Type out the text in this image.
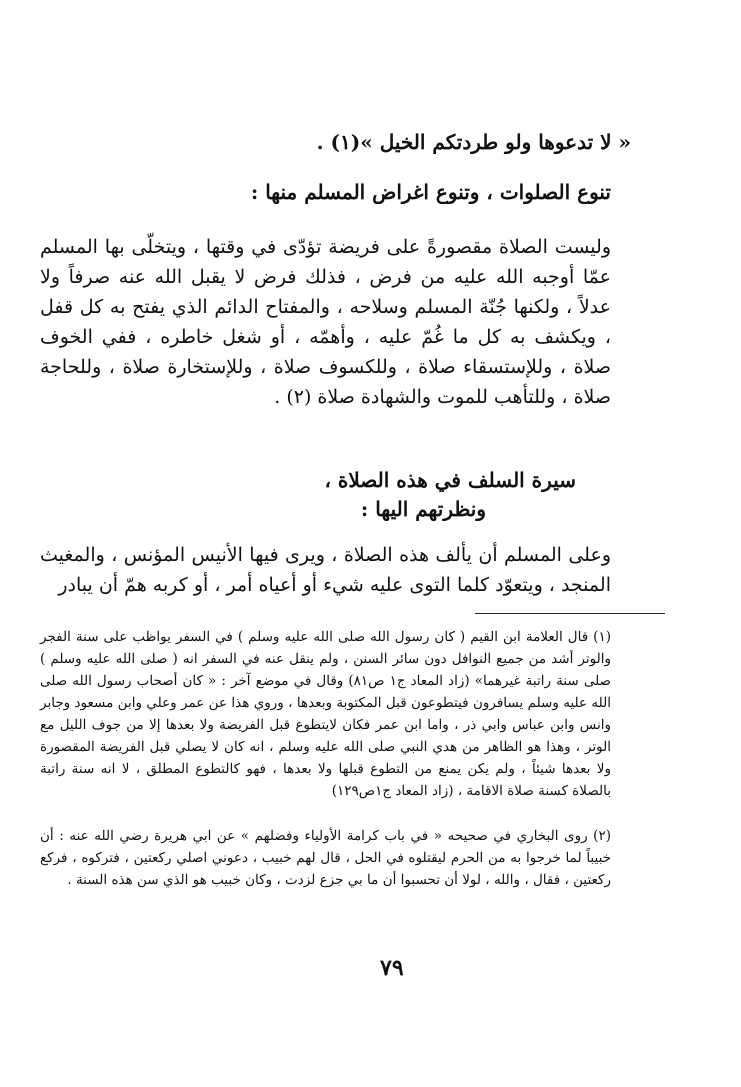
« لا تدعوها ولو طردتكم الخيل »(١) .
تنوع الصلوات ، وتنوع اغراض المسلم منها :
وليست الصلاة مقصورةً على فريضة تؤدّى في وقتها ، ويتخلّى بها المسلم عمّا أوجبه الله عليه من فرض ، فذلك فرض لا يقبل الله عنه صرفاً ولا عدلاً ، ولكنها جُنّة المسلم وسلاحه ، والمفتاح الدائم الذي يفتح به كل قفل ، ويكشف به كل ما غُمّ عليه ، وأهمّه ، أو شغل خاطره ، ففي الخوف صلاة ، وللإستسقاء صلاة ، وللكسوف صلاة ، وللإستخارة صلاة ، وللحاجة صلاة ، وللتأهب للموت والشهادة صلاة (٢) .
سيرة السلف في هذه الصلاة ،
ونظرتهم اليها :
وعلى المسلم أن يألف هذه الصلاة ، ويرى فيها الأنيس المؤنس ، والمغيث المنجد ، ويتعوّد كلما التوى عليه شيء أو أعياه أمر ، أو كربه همّ أن يبادر
(١) قال العلامة ابن القيم ( كان رسول الله صلى الله عليه وسلم ) في السفر يواظب على سنة الفجر والوتر أشد من جميع النوافل دون سائر السنن ، ولم ينقل عنه في السفر انه ( صلى الله عليه وسلم ) صلى سنة راتبة غيرهما» (زاد المعاد ج١ ص٨١) وقال في موضع آخر : « كان أصحاب رسول الله صلى الله عليه وسلم يسافرون فيتطوعون قبل المكتوبة وبعدها ، وروي هذا عن عمر وعلي وابن مسعود وجابر وانس وابن عباس وابي ذر ، واما ابن عمر فكان لايتطوع قبل الفريضة ولا بعدها إلا من جوف الليل مع الوتر ، وهذا هو الظاهر من هدي النبي صلى الله عليه وسلم ، انه كان لا يصلي قبل الفريضة المقصورة ولا بعدها شيئاً ، ولم يكن يمنع من التطوع قبلها ولا بعدها ، فهو كالتطوع المطلق ، لا انه سنة راتبة بالصلاة كسنة صلاة الاقامة ، (زاد المعاد ج١ص١٢٩)
(٢) روى البخاري في صحيحه « في باب كرامة الأولياء وفضلهم » عن ابي هريرة رضي الله عنه : أن خبيباً لما خرجوا به من الحرم ليقتلوه في الحل ، قال لهم خبيب ، دعوني اصلي ركعتين ، فتركوه ، فركع ركعتين ، فقال ، والله ، لولا أن تحسبوا أن ما بي جزع لزدت ، وكان خبيب هو الذي سن هذه السنة .
٧٩
